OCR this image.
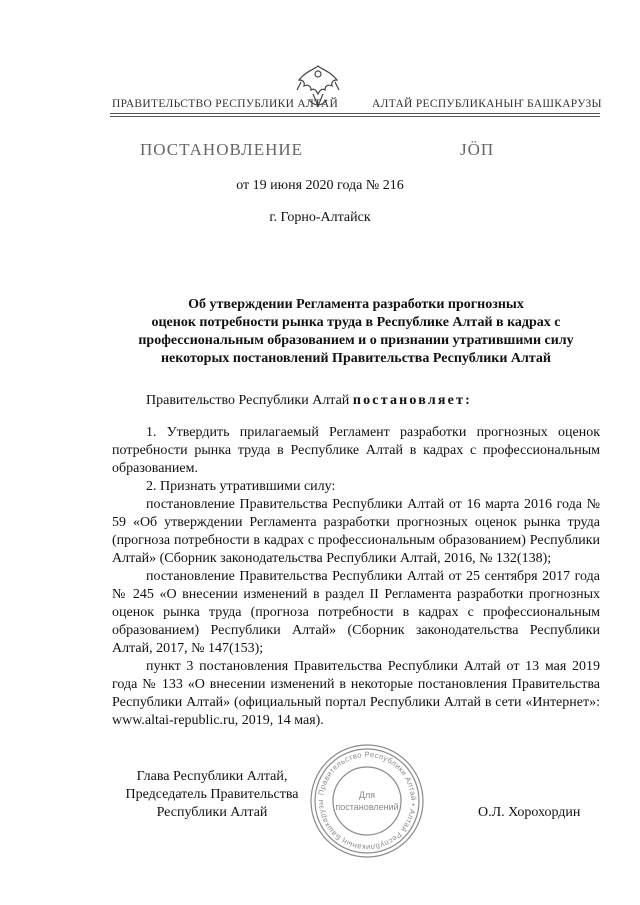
ПРАВИТЕЛЬСТВО РЕСПУБЛИКИ АЛТАЙ	АЛТАЙ РЕСПУБЛИКАНЫҤ БАШКАРУЗЫ
ПОСТАНОВЛЕНИЕ	ЈӦП
от 19 июня 2020 года № 216
г. Горно-Алтайск
Об утверждении Регламента разработки прогнозных
оценок потребности рынка труда в Республике Алтай в кадрах с
профессиональным образованием и о признании утратившими силу
некоторых постановлений Правительства Республики Алтай

Правительство Республики Алтай постановляет:

1. Утвердить прилагаемый Регламент разработки прогнозных оценок потребности рынка труда в Республике Алтай в кадрах с профессиональным образованием.

2. Признать утратившими силу:

постановление Правительства Республики Алтай от 16 марта 2016 года № 59 «Об утверждении Регламента разработки прогнозных оценок рынка труда (прогноза потребности в кадрах с профессиональным образованием) Республики Алтай» (Сборник законодательства Республики Алтай, 2016, № 132(138);

постановление Правительства Республики Алтай от 25 сентября 2017 года № 245 «О внесении изменений в раздел II Регламента разработки прогнозных оценок рынка труда (прогноза потребности в кадрах с профессиональным образованием) Республики Алтай» (Сборник законодательства Республики Алтай, 2017, № 147(153);

пункт 3 постановления Правительства Республики Алтай от 13 мая 2019 года № 133 «О внесении изменений в некоторые постановления Правительства Республики Алтай» (официальный портал Республики Алтай в сети «Интернет»: www.altai-republic.ru, 2019, 14 мая).

Глава Республики Алтай,
Председатель Правительства
Республики Алтай	О.Л. Хорохордин
Правительство Республики Алтай • Алтай Республиканың Башкарузы
Для
постановлений
